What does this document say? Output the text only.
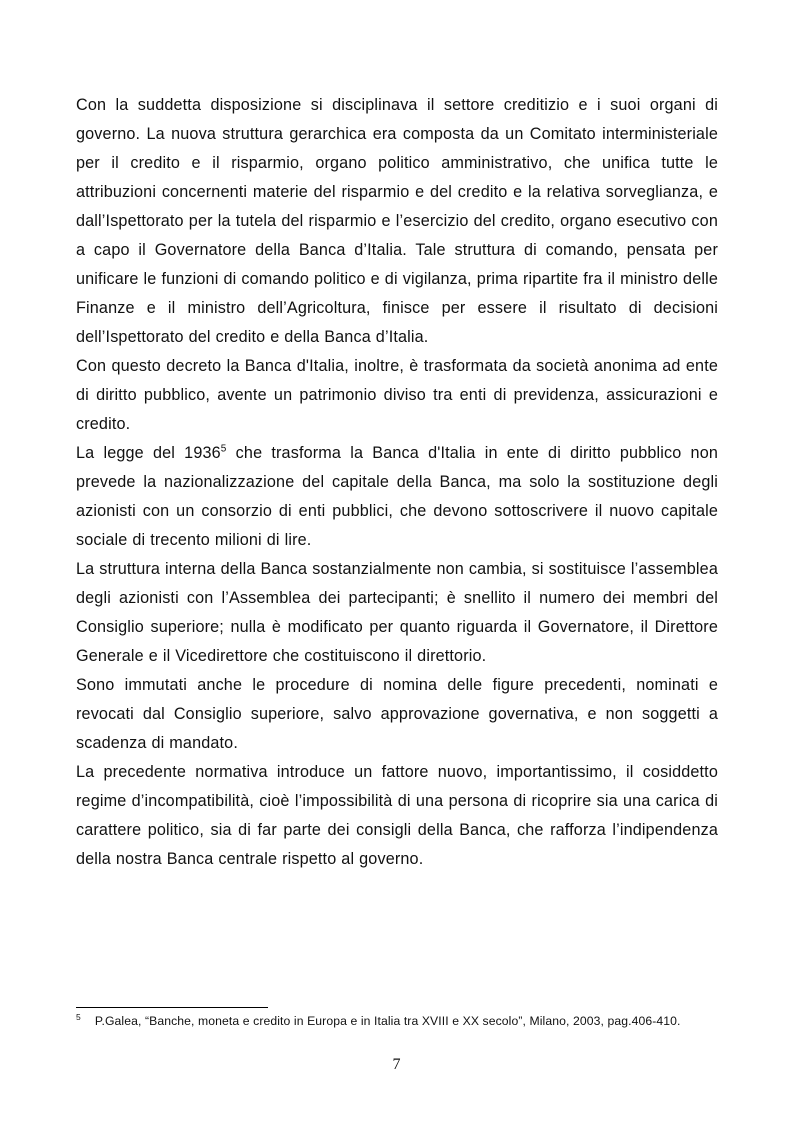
Con la suddetta disposizione si disciplinava il settore creditizio e i suoi organi di governo. La nuova struttura gerarchica era composta da un Comitato interministeriale per il credito e il risparmio, organo politico amministrativo, che unifica tutte le attribuzioni concernenti materie del risparmio e del credito e la relativa sorveglianza, e dall’Ispettorato per la tutela del risparmio e l’esercizio del credito, organo esecutivo con a capo il Governatore della Banca d’Italia. Tale struttura di comando, pensata per unificare le funzioni di comando politico e di vigilanza, prima ripartite fra il ministro delle Finanze e il ministro dell’Agricoltura, finisce per essere il risultato di decisioni dell’Ispettorato del credito e della Banca d’Italia.

Con questo decreto la Banca d'Italia, inoltre, è trasformata da società anonima ad ente di diritto pubblico, avente un patrimonio diviso tra enti di previdenza, assicurazioni e credito.

La legge del 1936$^5$ che trasforma la Banca d'Italia in ente di diritto pubblico non prevede la nazionalizzazione del capitale della Banca, ma solo la sostituzione degli azionisti con un consorzio di enti pubblici, che devono sottoscrivere il nuovo capitale sociale di trecento milioni di lire.

La struttura interna della Banca sostanzialmente non cambia, si sostituisce l’assemblea degli azionisti con l’Assemblea dei partecipanti; è snellito il numero dei membri del Consiglio superiore; nulla è modificato per quanto riguarda il Governatore, il Direttore Generale e il Vicedirettore che costituiscono il direttorio.

Sono immutati anche le procedure di nomina delle figure precedenti, nominati e revocati dal Consiglio superiore, salvo approvazione governativa, e non soggetti a scadenza di mandato.

La precedente normativa introduce un fattore nuovo, importantissimo, il cosiddetto regime d’incompatibilità, cioè l’impossibilità di una persona di ricoprire sia una carica di carattere politico, sia di far parte dei consigli della Banca, che rafforza l’indipendenza della nostra Banca centrale rispetto al governo.

$^5$ P.Galea, “Banche, moneta e credito in Europa e in Italia tra XVIII e XX secolo”, Milano, 2003, pag.406-410.

7
